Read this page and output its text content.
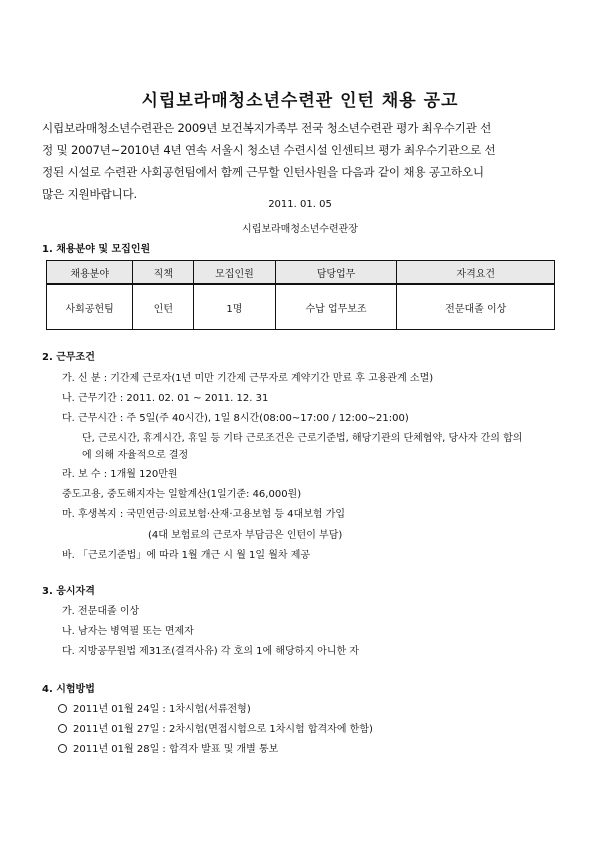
시립보라매청소년수련관 인턴 채용 공고
시립보라매청소년수련관은 2009년 보건복지가족부 전국 청소년수련관 평가 최우수기관 선
정 및 2007년~2010년 4년 연속 서울시 청소년 수련시설 인센티브 평가 최우수기관으로 선
정된 시설로 수련관 사회공헌팀에서 함께 근무할 인턴사원을 다음과 같이 채용 공고하오니
많은 지원바랍니다.
2011. 01. 05
시립보라매청소년수련관장
1. 채용분야 및 모집인원
채용분야	직책	모집인원	담당업무	자격요건
사회공헌팀	인턴	1명	수납 업무보조	전문대졸 이상
2. 근무조건
가. 신 분 : 기간제 근로자(1년 미만 기간제 근무자로 계약기간 만료 후 고용관계 소멸)
나. 근무기간 : 2011. 02. 01 ~ 2011. 12. 31
다. 근무시간 : 주 5일(주 40시간), 1일 8시간(08:00~17:00 / 12:00~21:00)
단, 근로시간, 휴게시간, 휴일 등 기타 근로조건은 근로기준법, 해당기관의 단체협약, 당사자 간의 합의
에 의해 자율적으로 결정
라. 보 수 : 1개월 120만원
중도고용, 중도해지자는 일할계산(1일기준: 46,000원)
마. 후생복지 : 국민연금·의료보험·산재·고용보험 등 4대보험 가입
(4대 보험료의 근로자 부담금은 인턴이 부담)
바. 「근로기준법」에 따라 1월 개근 시 월 1일 월차 제공
3. 응시자격
가. 전문대졸 이상
나. 남자는 병역필 또는 면제자
다. 지방공무원법 제31조(결격사유) 각 호의 1에 해당하지 아니한 자
4. 시험방법
2011년 01월 24일 : 1차시험(서류전형)
2011년 01월 27일 : 2차시험(면접시험으로 1차시험 합격자에 한함)
2011년 01월 28일 : 합격자 발표 및 개별 통보
